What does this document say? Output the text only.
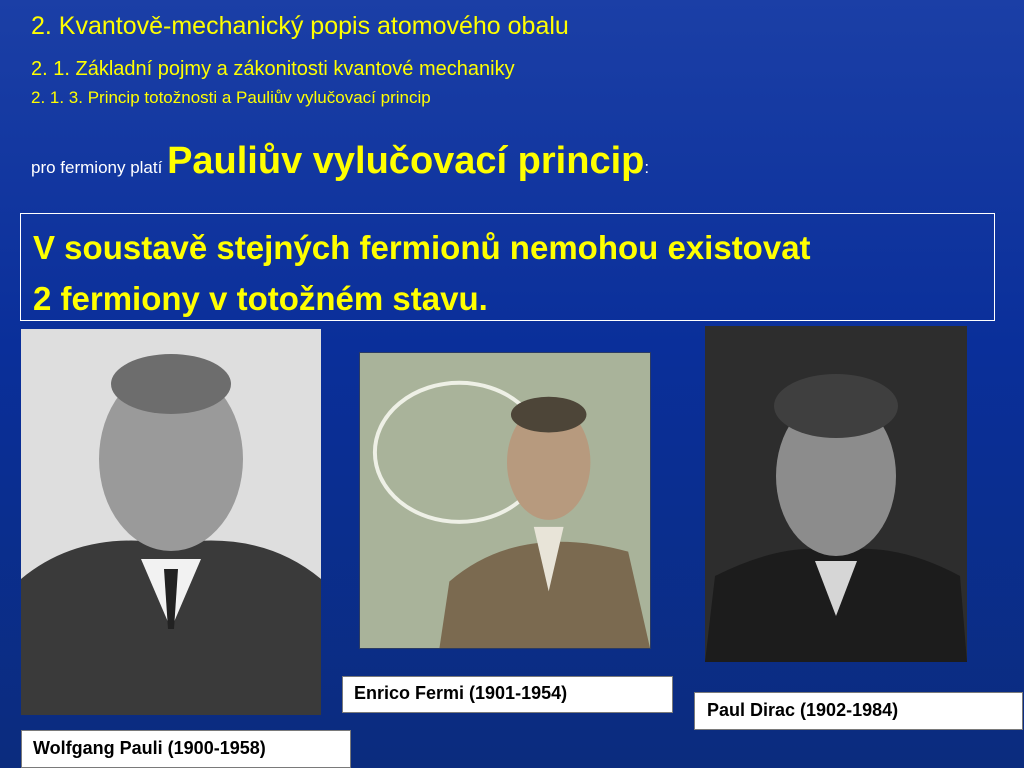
2. Kvantově-mechanický popis atomového obalu
2. 1. Základní pojmy a zákonitosti kvantové mechaniky
2. 1. 3. Princip totožnosti a Pauliův vylučovací princip
pro fermiony platí Pauliův vylučovací princip:
V soustavě stejných fermionů nemohou existovat
2 fermiony v totožném stavu.
Enrico Fermi (1901-1954)
Paul Dirac (1902-1984)
Wolfgang Pauli (1900-1958)
